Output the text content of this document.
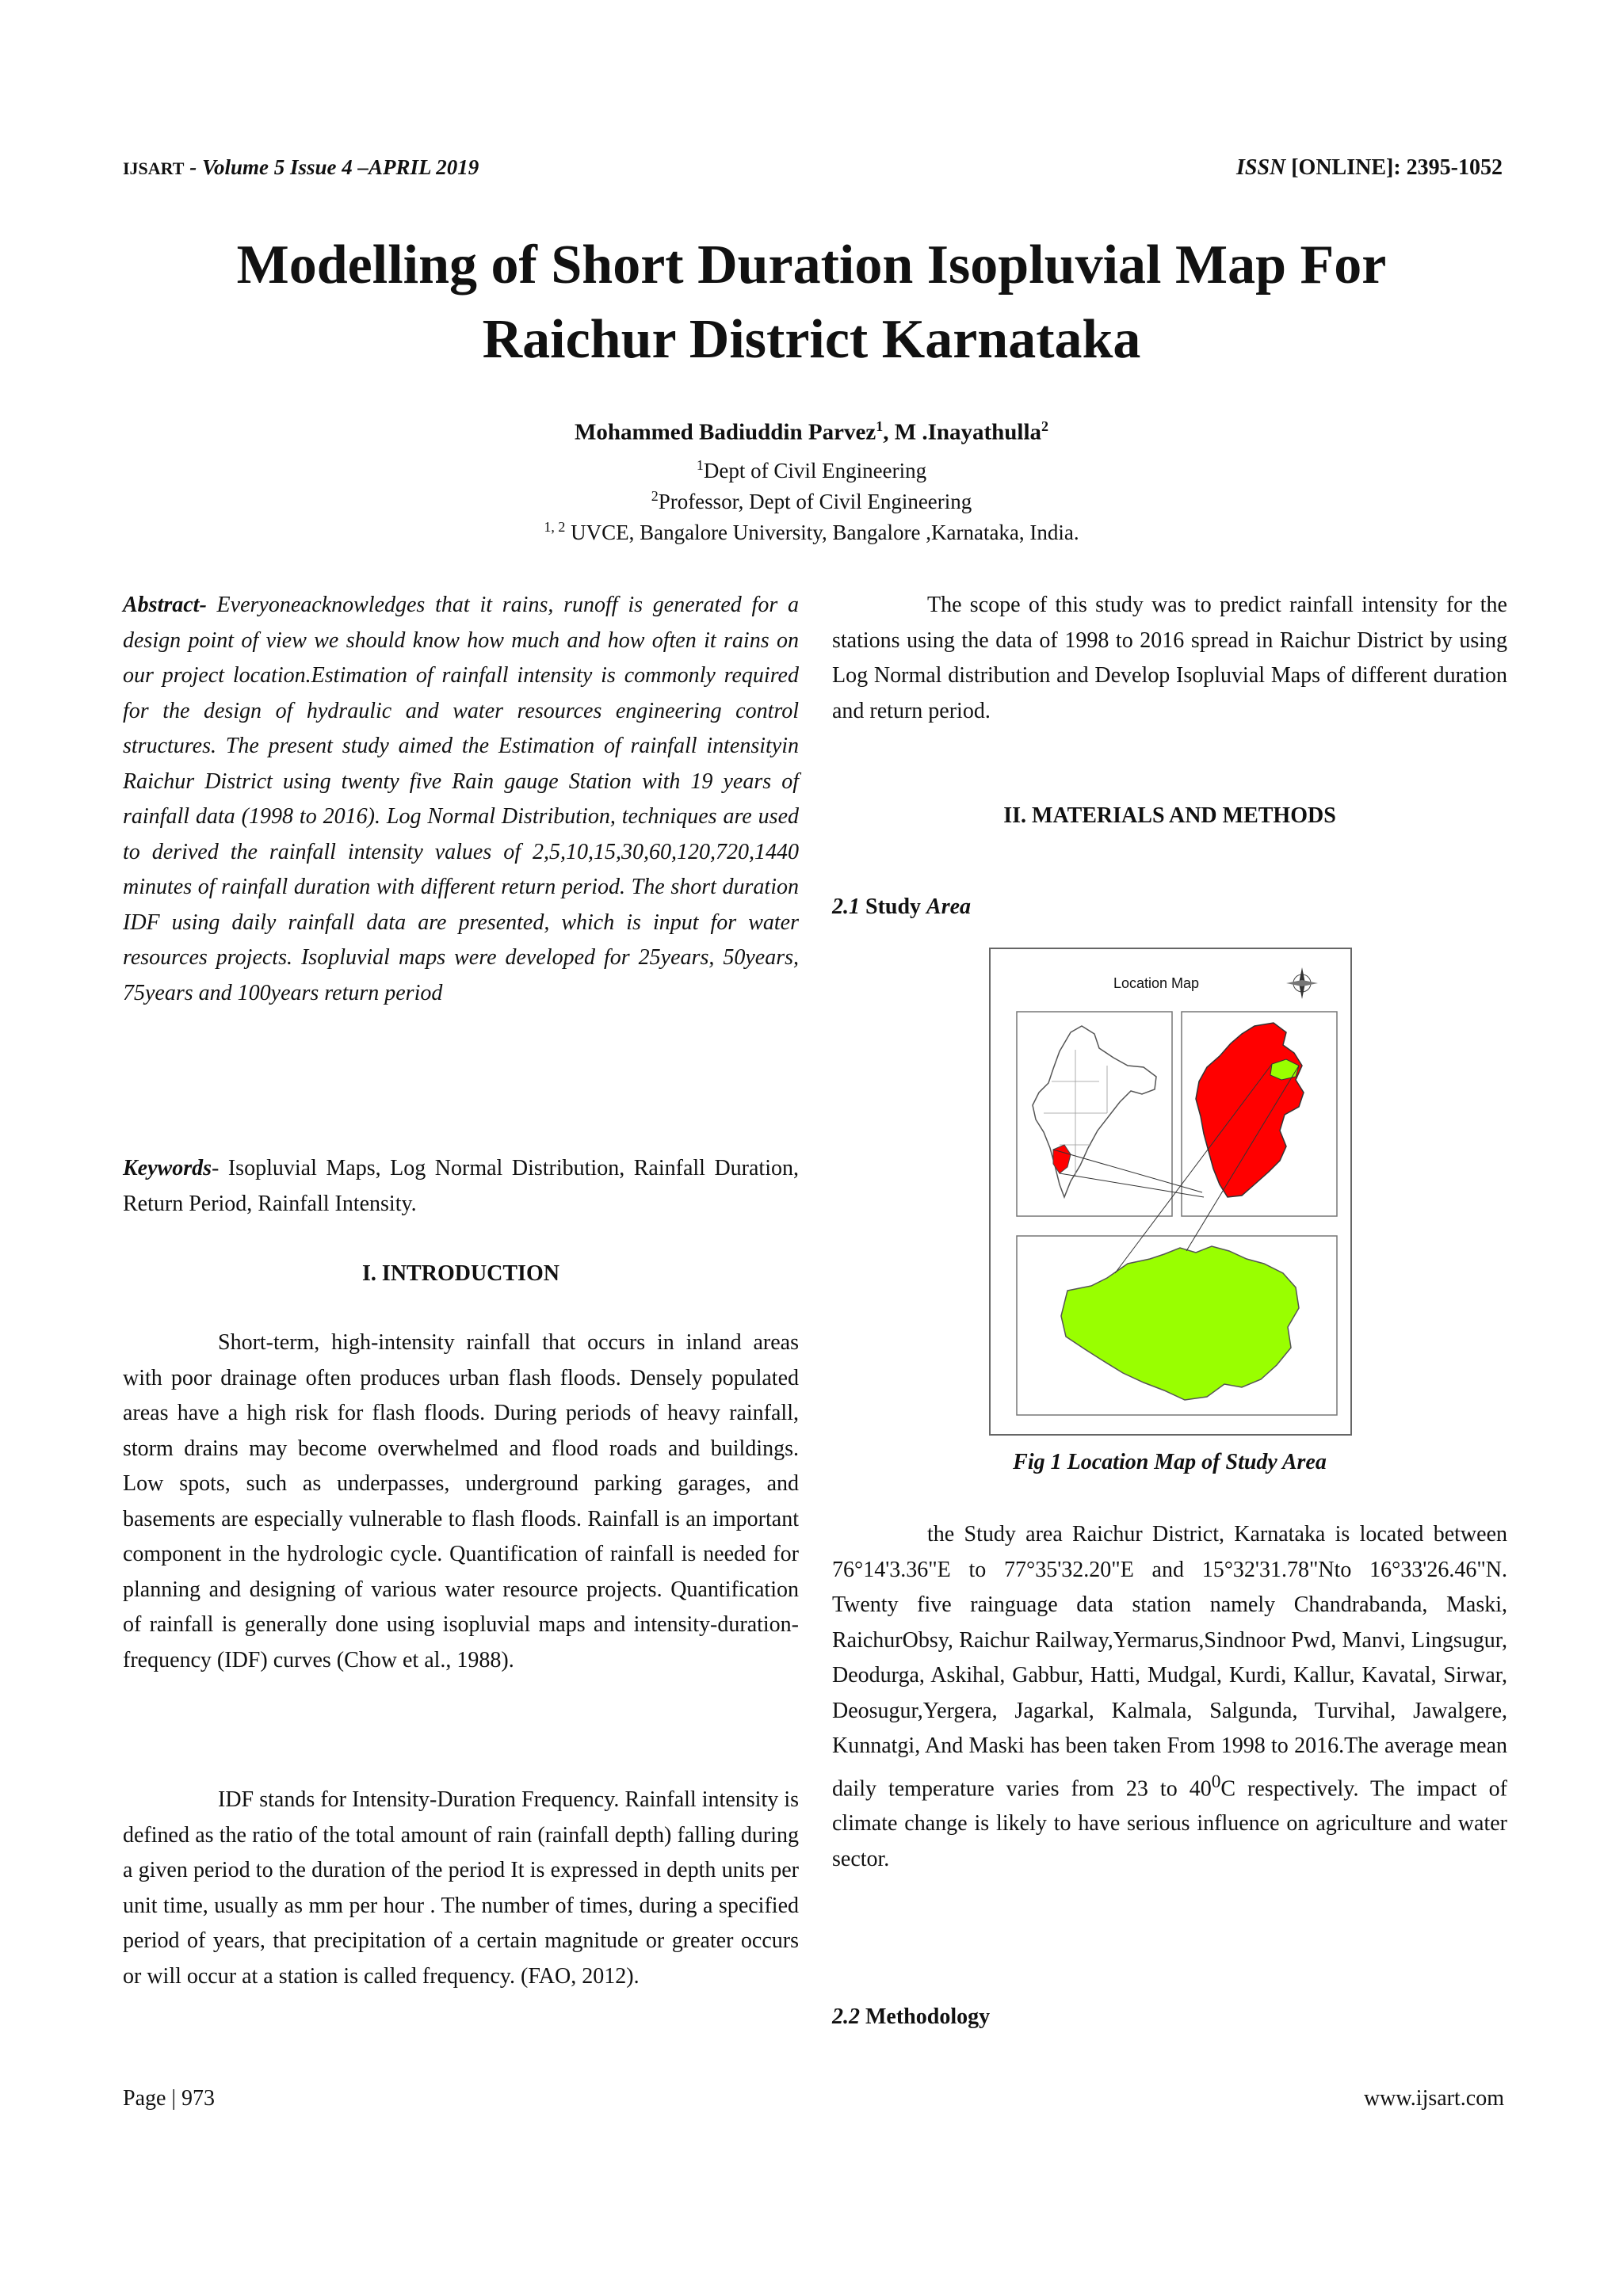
IJSART - Volume 5 Issue 4 –APRIL 2019	ISSN [ONLINE]: 2395-1052
Modelling of Short Duration Isopluvial Map For
Raichur District Karnataka
Mohammed Badiuddin Parvez$^1$, M .Inayathulla$^2$
$^1$Dept of Civil Engineering
$^2$Professor, Dept of Civil Engineering
$^{1, 2}$ UVCE, Bangalore University, Bangalore ,Karnataka, India.

Abstract- Everyoneacknowledges that it rains, runoff is generated for a design point of view we should know how much and how often it rains on our project location.Estimation of rainfall intensity is commonly required for the design of hydraulic and water resources engineering control structures. The present study aimed the Estimation of rainfall intensityin Raichur District using twenty five Rain gauge Station with 19 years of rainfall data (1998 to 2016). Log Normal Distribution, techniques are used to derived the rainfall intensity values of 2,5,10,15,30,60,120,720,1440 minutes of rainfall duration with different return period. The short duration IDF using daily rainfall data are presented, which is input for water resources projects. Isopluvial maps were developed for 25years, 50years, 75years and 100years return period

Keywords- Isopluvial Maps, Log Normal Distribution, Rainfall Duration, Return Period, Rainfall Intensity.

I. INTRODUCTION

Short-term, high-intensity rainfall that occurs in inland areas with poor drainage often produces urban flash floods. Densely populated areas have a high risk for flash floods. During periods of heavy rainfall, storm drains may become overwhelmed and flood roads and buildings. Low spots, such as underpasses, underground parking garages, and basements are especially vulnerable to flash floods. Rainfall is an important component in the hydrologic cycle. Quantification of rainfall is needed for planning and designing of various water resource projects. Quantification of rainfall is generally done using isopluvial maps and intensity-duration-frequency (IDF) curves (Chow et al., 1988).

IDF stands for Intensity-Duration Frequency. Rainfall intensity is defined as the ratio of the total amount of rain (rainfall depth) falling during a given period to the duration of the period It is expressed in depth units per unit time, usually as mm per hour . The number of times, during a specified period of years, that precipitation of a certain magnitude or greater occurs or will occur at a station is called frequency. (FAO, 2012).

The scope of this study was to predict rainfall intensity for the stations using the data of 1998 to 2016 spread in Raichur District by using Log Normal distribution and Develop Isopluvial Maps of different duration and return period.

II. MATERIALS AND METHODS

2.1 Study Area

Location Map
Fig 1 Location Map of Study Area

the Study area Raichur District, Karnataka is located between 76°14'3.36"E to 77°35'32.20"E and 15°32'31.78"Nto 16°33'26.46"N. Twenty five rainguage data station namely Chandrabanda, Maski, RaichurObsy, Raichur Railway,Yermarus,Sindnoor Pwd, Manvi, Lingsugur, Deodurga, Askihal, Gabbur, Hatti, Mudgal, Kurdi, Kallur, Kavatal, Sirwar, Deosugur,Yergera, Jagarkal, Kalmala, Salgunda, Turvihal, Jawalgere, Kunnatgi, And Maski has been taken From 1998 to 2016.The average mean daily temperature varies from 23 to $40^0C$ respectively. The impact of climate change is likely to have serious influence on agriculture and water sector.

2.2 Methodology

Page | 973	www.ijsart.com
